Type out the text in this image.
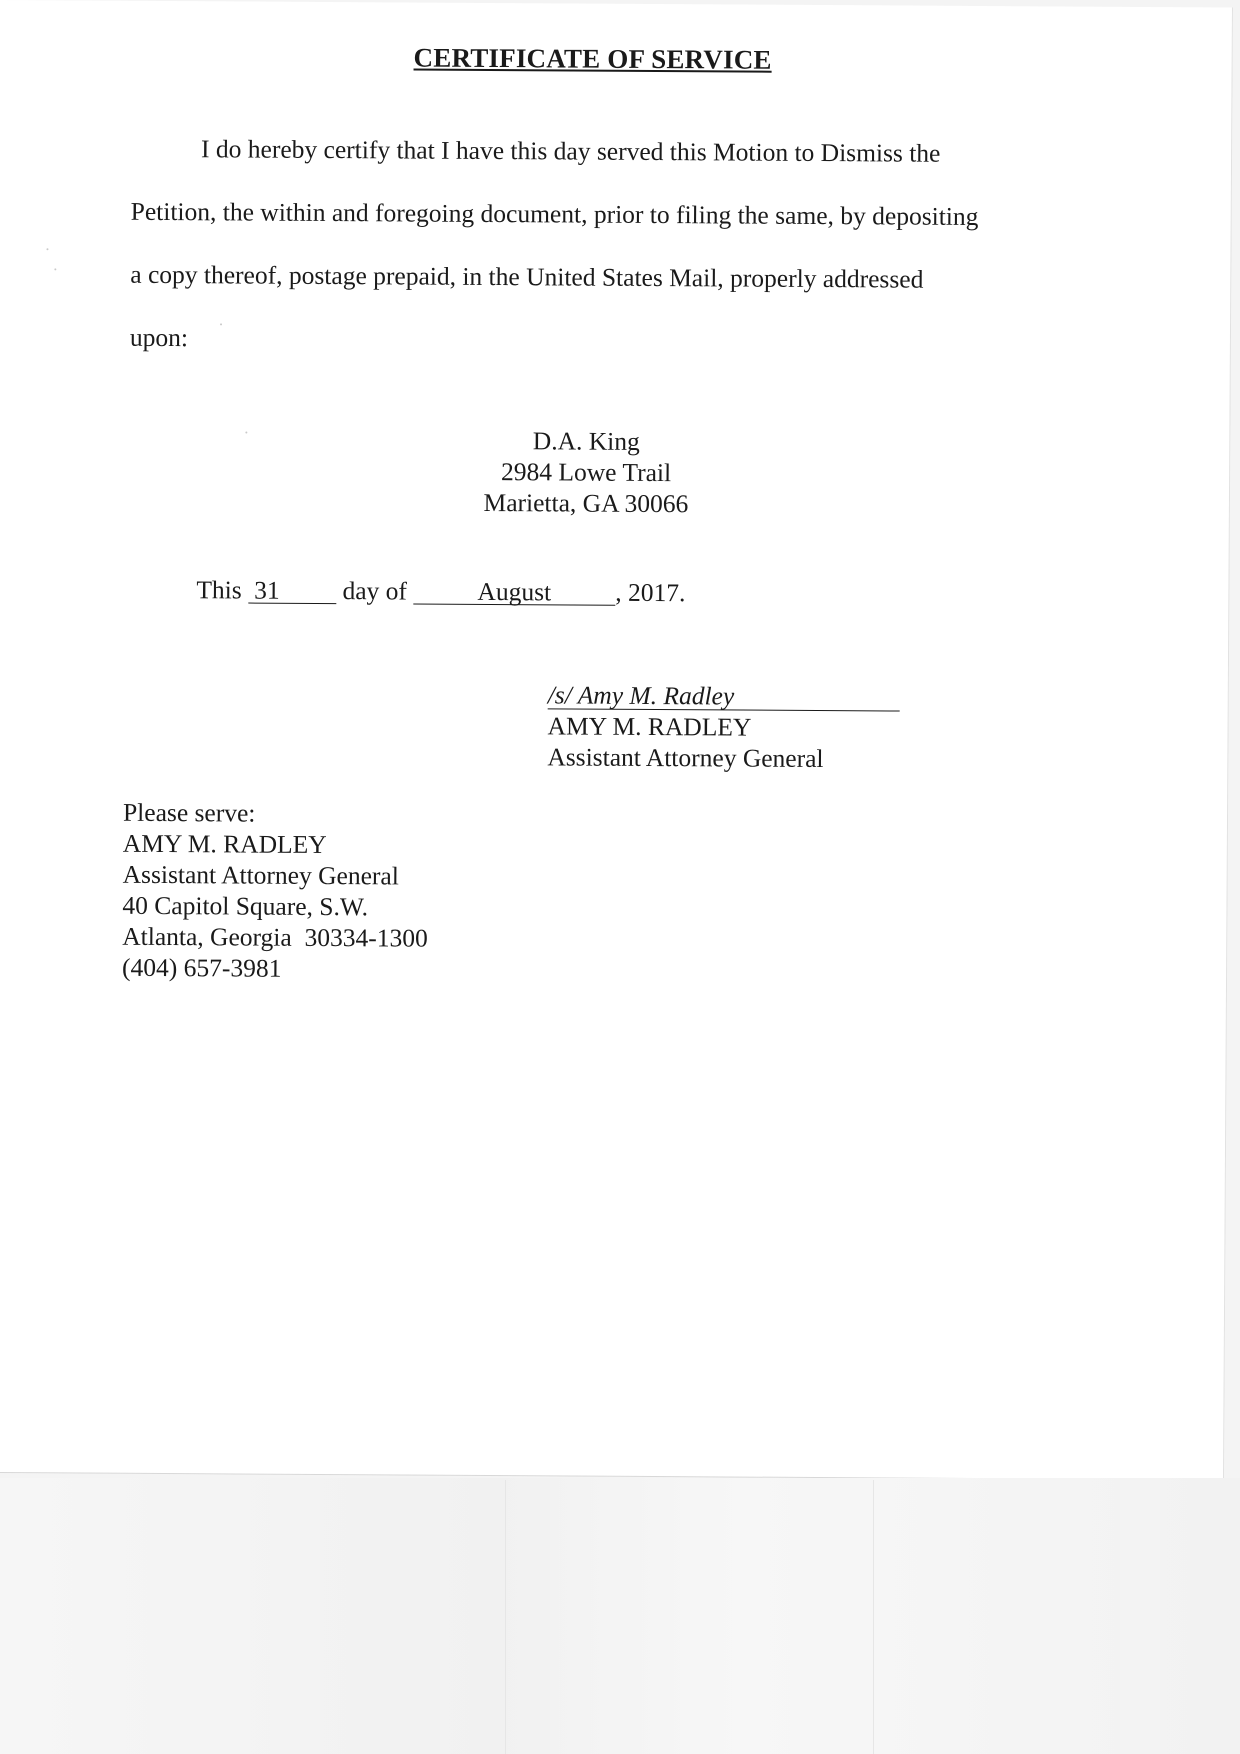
CERTIFICATE OF SERVICE
I do hereby certify that I have this day served this Motion to Dismiss the
Petition, the within and foregoing document, prior to filing the same, by depositing
a copy thereof, postage prepaid, in the United States Mail, properly addressed
upon:
D.A. King
2984 Lowe Trail
Marietta, GA 30066
This 31 day of	August	, 2017.
/s/ Amy M. Radley
AMY M. RADLEY
Assistant Attorney General
Please serve:
AMY M. RADLEY
Assistant Attorney General
40 Capitol Square, S.W.
Atlanta, Georgia  30334-1300
(404) 657-3981
